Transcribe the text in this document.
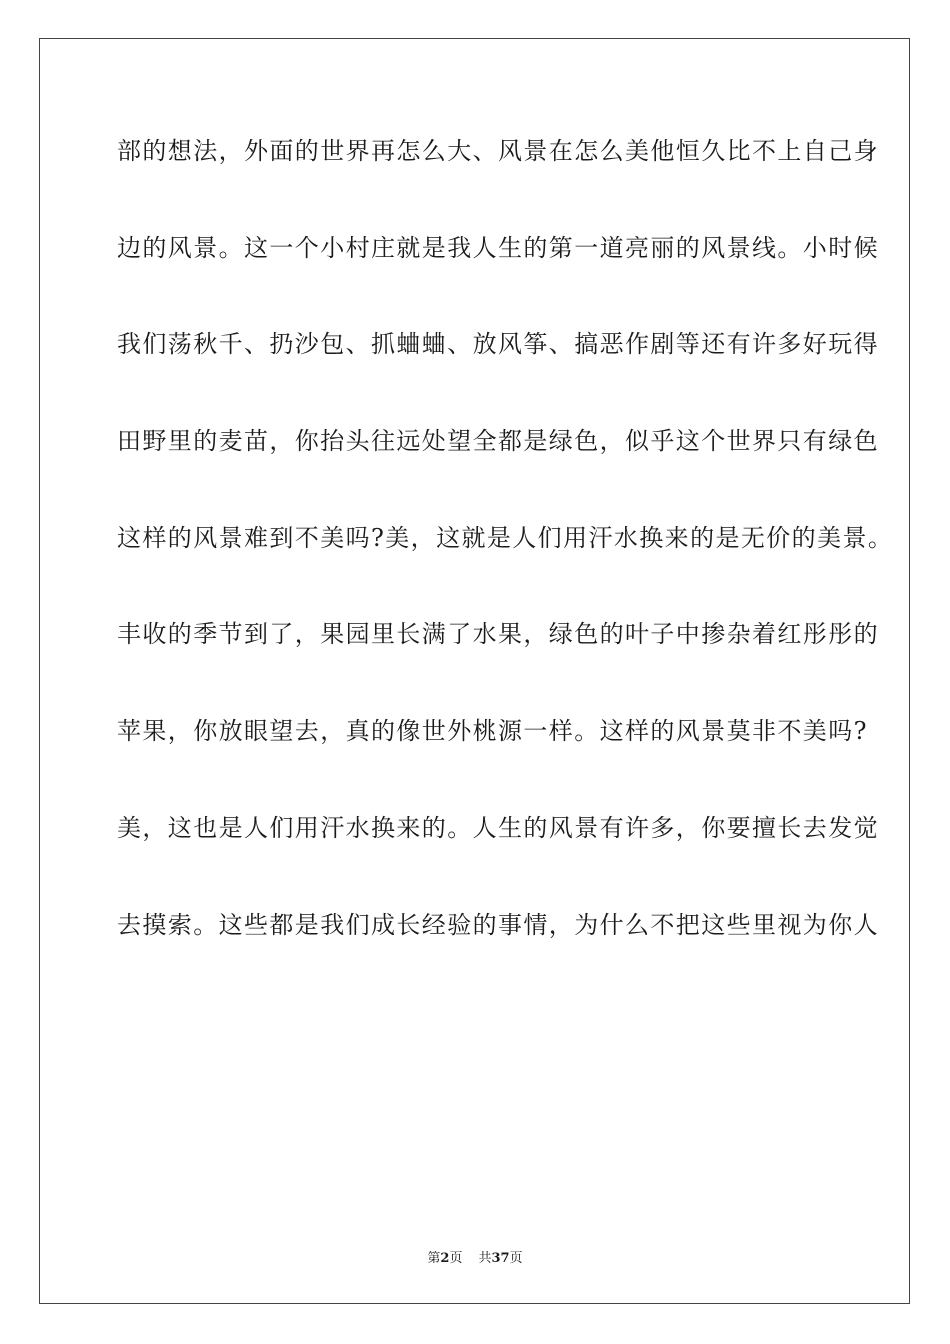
部的想法，外面的世界再怎么大、风景在怎么美他恒久比不上自己身
边的风景。这一个小村庄就是我人生的第一道亮丽的风景线。小时候
我们荡秋千、扔沙包、抓蛐蛐、放风筝、搞恶作剧等还有许多好玩得
田野里的麦苗，你抬头往远处望全都是绿色，似乎这个世界只有绿色
这样的风景难到不美吗?美，这就是人们用汗水换来的是无价的美景。
丰收的季节到了，果园里长满了水果，绿色的叶子中掺杂着红彤彤的
苹果，你放眼望去，真的像世外桃源一样。这样的风景莫非不美吗?
美，这也是人们用汗水换来的。人生的风景有许多，你要擅长去发觉
去摸索。这些都是我们成长经验的事情，为什么不把这些里视为你人
第2页 共37页
